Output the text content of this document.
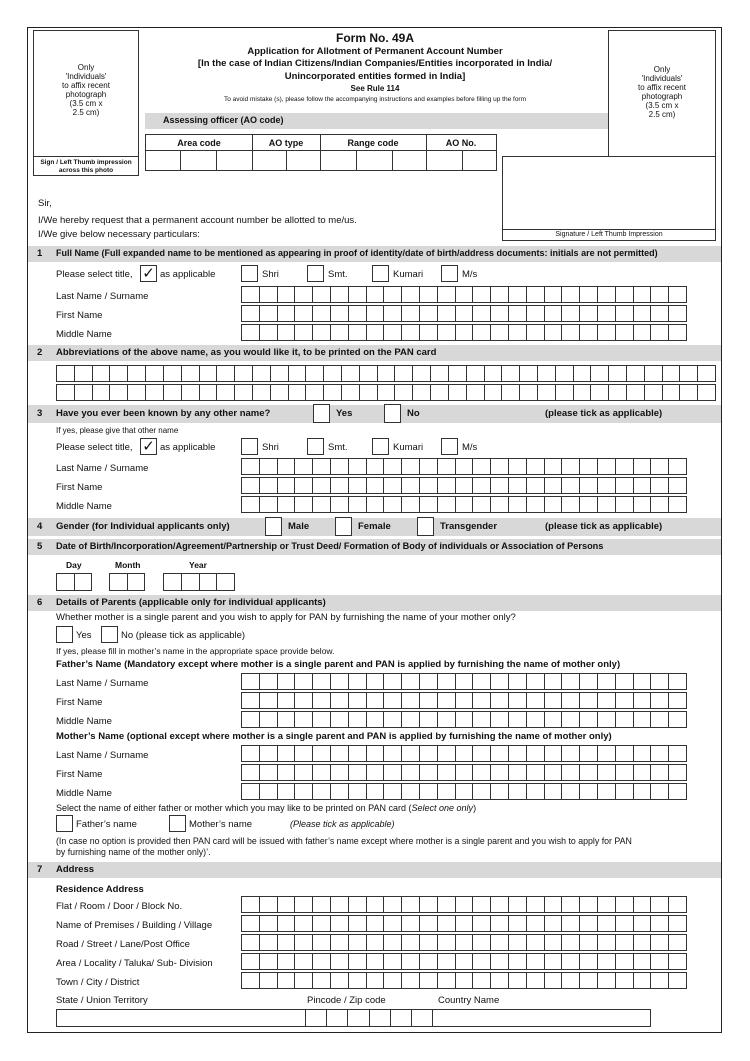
Only
'Individuals'
to affix recent
photograph
(3.5 cm x
2.5 cm)
Sign / Left Thumb impression
across this photo
Only
'Individuals'
to affix recent
photograph
(3.5 cm x
2.5 cm)
Signature / Left Thumb Impression
Form No. 49A
Application for Allotment of Permanent Account Number
[In the case of Indian Citizens/Indian Companies/Entities incorporated in India/
Unincorporated entities formed in India]
See Rule 114
To avoid mistake (s), please follow the accompanying instructions and examples before filling up the form
Assessing officer (AO code)
Area code	AO type	Range code	AO No.
Sir,
I/We hereby request that a permanent account number be allotted to me/us.
I/We give below necessary particulars:
1 Full Name (Full expanded name to be mentioned as appearing in proof of identity/date of birth/address documents: initials are not permitted)
Please select title, ✓ as applicable	Shri	Smt.	Kumari	M/s
Last Name / Surname
First Name
Middle Name
2 Abbreviations of the above name, as you would like it, to be printed on the PAN card
3 Have you ever been known by any other name?	Yes	No	(please tick as applicable)
If yes, please give that other name
Please select title, ✓ as applicable	Shri	Smt.	Kumari	M/s
Last Name / Surname
First Name
Middle Name
4 Gender (for Individual applicants only)	Male	Female	Transgender	(please tick as applicable)
5 Date of Birth/Incorporation/Agreement/Partnership or Trust Deed/ Formation of Body of individuals or Association of Persons
Day	Month	Year
6 Details of Parents (applicable only for individual applicants)
Whether mother is a single parent and you wish to apply for PAN by furnishing the name of your mother only?
Yes	No (please tick as applicable)
If yes, please fill in mother’s name in the appropriate space provide below.
Father’s Name (Mandatory except where mother is a single parent and PAN is applied by furnishing the name of mother only)
Last Name / Surname
First Name
Middle Name
Mother’s Name (optional except where mother is a single parent and PAN is applied by furnishing the name of mother only)
Last Name / Surname
First Name
Middle Name
Select the name of either father or mother which you may like to be printed on PAN card (Select one only)
Father’s name	Mother’s name	(Please tick as applicable)
(In case no option is provided then PAN card will be issued with father’s name except where mother is a single parent and you wish to apply for PAN
by furnishing name of the mother only)’.
7 Address
Residence Address
Flat / Room / Door / Block No.
Name of Premises / Building / Village
Road / Street / Lane/Post Office
Area / Locality / Taluka/ Sub- Division
Town / City / District
State / Union Territory	Pincode / Zip code	Country Name
